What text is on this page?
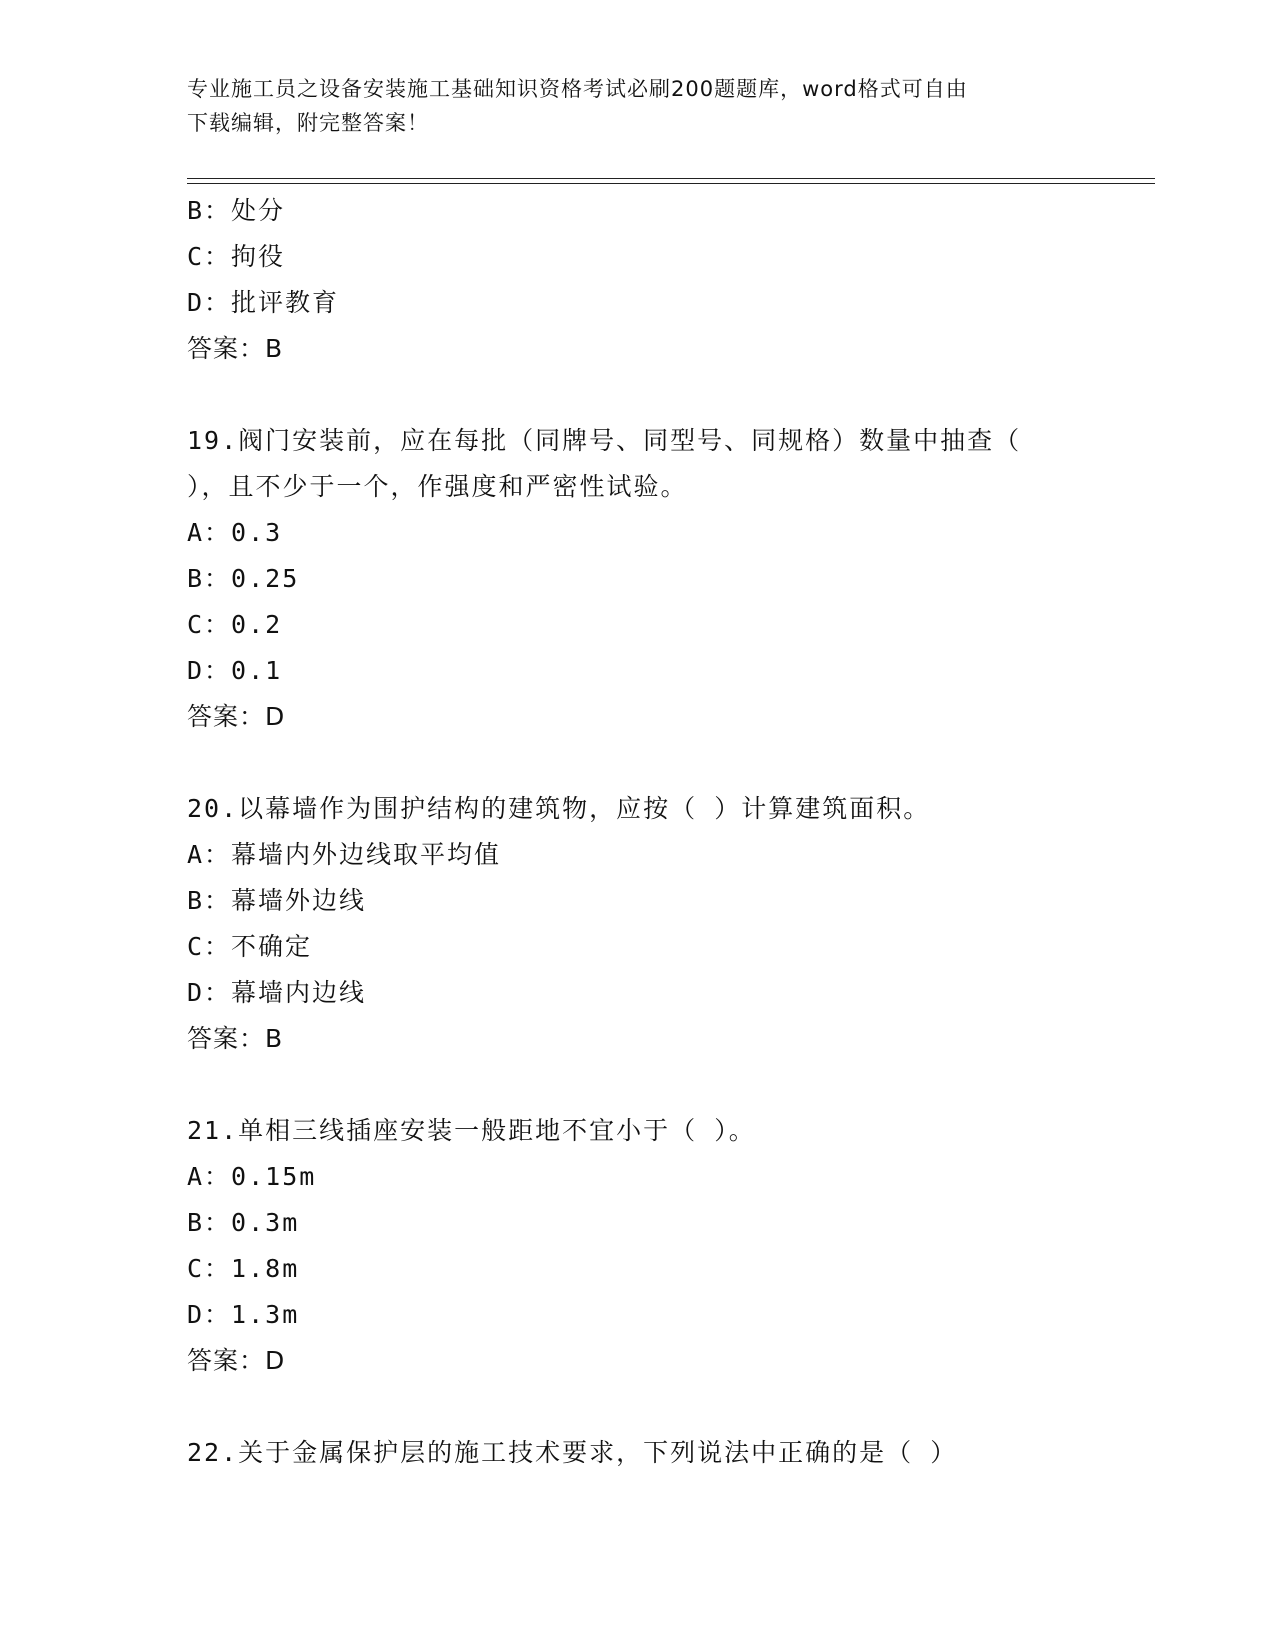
专业施工员之设备安装施工基础知识资格考试必刷200题题库，word格式可自由
下载编辑，附完整答案！
B：处分
C：拘役
D：批评教育
答案：B
19.阀门安装前，应在每批（同牌号、同型号、同规格）数量中抽查（
），且不少于一个，作强度和严密性试验。
A：0.3
B：0.25
C：0.2
D：0.1
答案：D
20.以幕墙作为围护结构的建筑物，应按（ ）计算建筑面积。
A：幕墙内外边线取平均值
B：幕墙外边线
C：不确定
D：幕墙内边线
答案：B
21.单相三线插座安装一般距地不宜小于（ ）。
A：0.15m
B：0.3m
C：1.8m
D：1.3m
答案：D
22.关于金属保护层的施工技术要求，下列说法中正确的是（ ）
